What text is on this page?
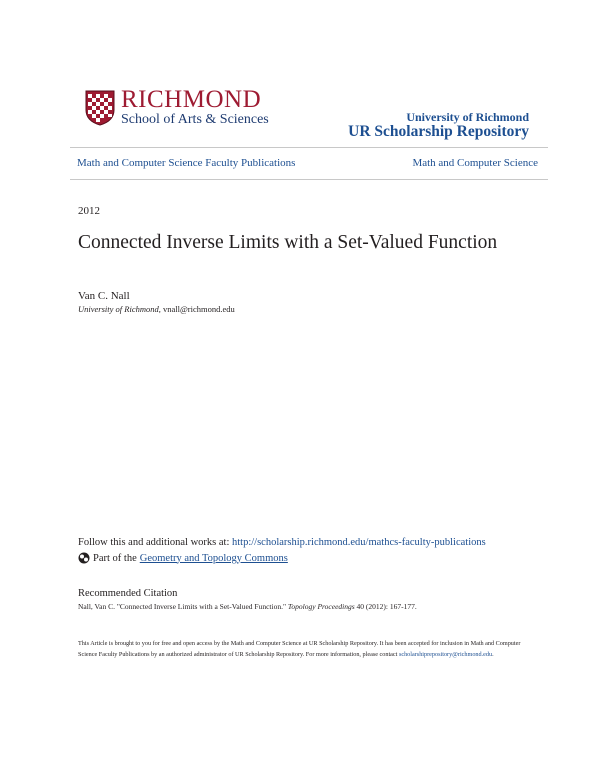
RICHMOND
School of Arts & Sciences	University of Richmond
UR Scholarship Repository
Math and Computer Science Faculty Publications	Math and Computer Science
2012
Connected Inverse Limits with a Set-Valued Function
Van C. Nall
University of Richmond, vnall@richmond.edu
Follow this and additional works at: http://scholarship.richmond.edu/mathcs-faculty-publications
Part of the Geometry and Topology Commons
Recommended Citation
Nall, Van C. "Connected Inverse Limits with a Set-Valued Function." Topology Proceedings 40 (2012): 167-177.
This Article is brought to you for free and open access by the Math and Computer Science at UR Scholarship Repository. It has been accepted for inclusion in Math and Computer Science Faculty Publications by an authorized administrator of UR Scholarship Repository. For more information, please contact scholarshiprepository@richmond.edu.
